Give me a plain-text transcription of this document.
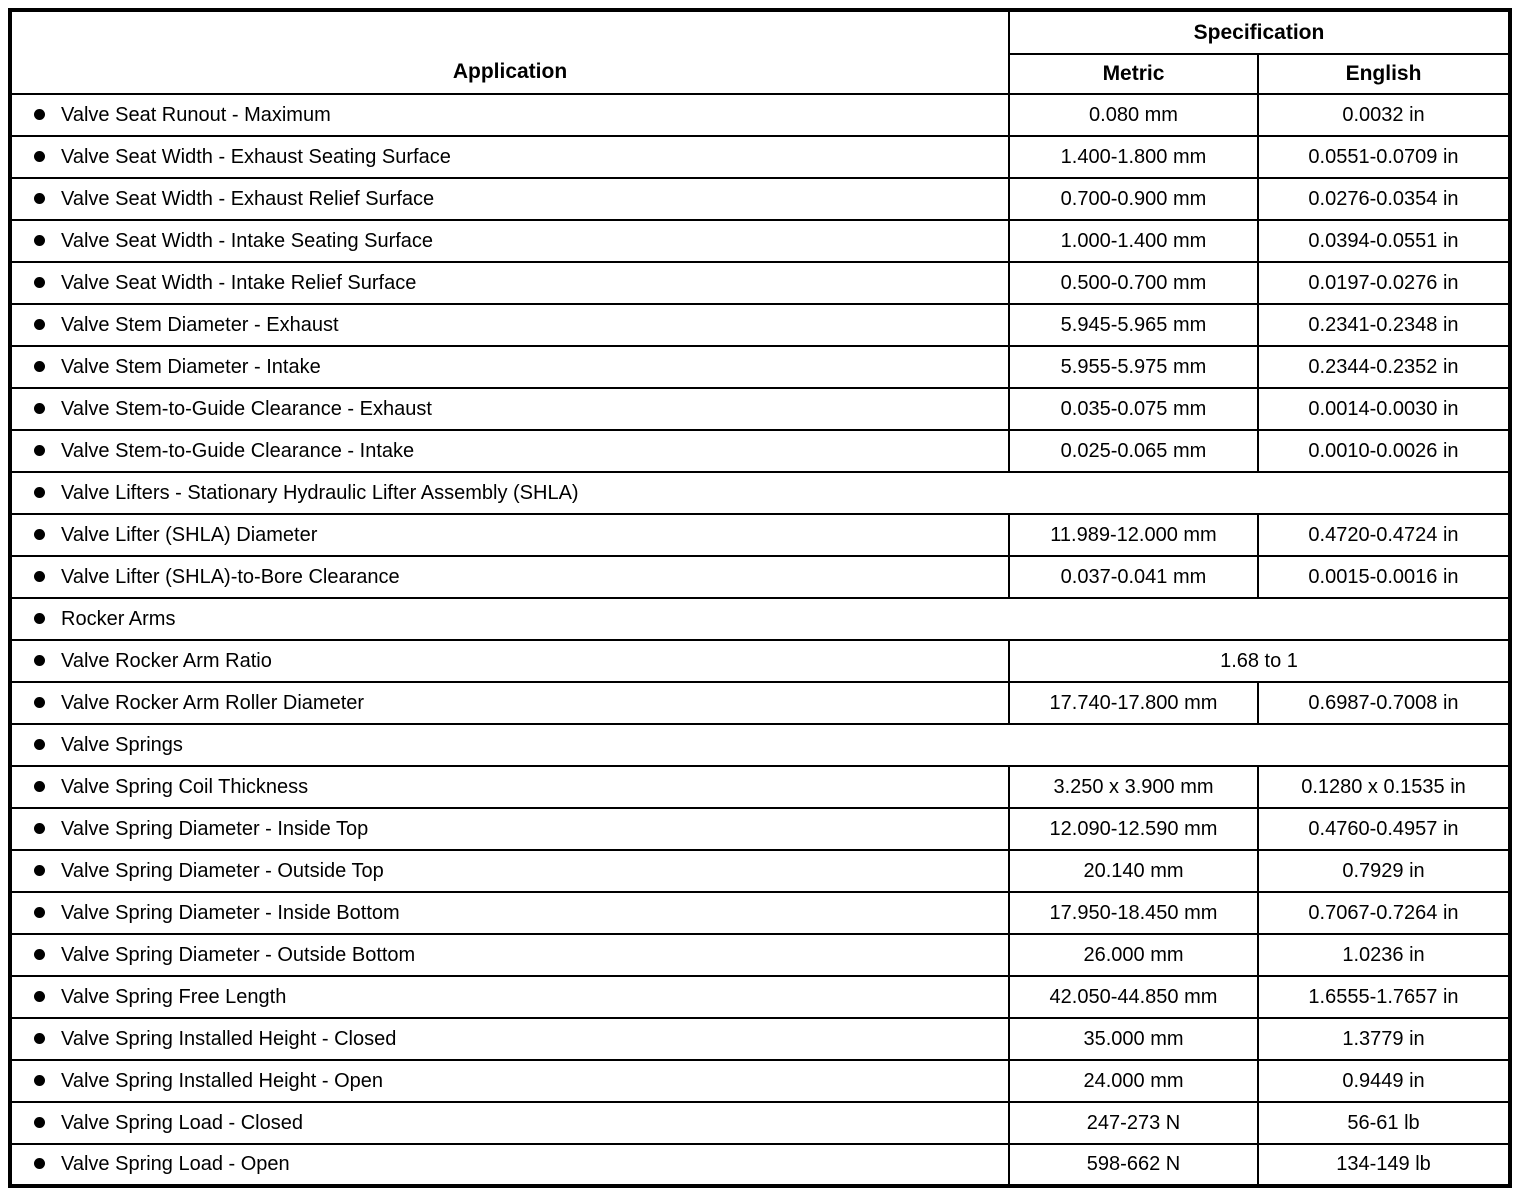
Application	Specification	
	Metric	English
Valve Seat Runout - Maximum	0.080 mm	0.0032 in
Valve Seat Width - Exhaust Seating Surface	1.400-1.800 mm	0.0551-0.0709 in
Valve Seat Width - Exhaust Relief Surface	0.700-0.900 mm	0.0276-0.0354 in
Valve Seat Width - Intake Seating Surface	1.000-1.400 mm	0.0394-0.0551 in
Valve Seat Width - Intake Relief Surface	0.500-0.700 mm	0.0197-0.0276 in
Valve Stem Diameter - Exhaust	5.945-5.965 mm	0.2341-0.2348 in
Valve Stem Diameter - Intake	5.955-5.975 mm	0.2344-0.2352 in
Valve Stem-to-Guide Clearance - Exhaust	0.035-0.075 mm	0.0014-0.0030 in
Valve Stem-to-Guide Clearance - Intake	0.025-0.065 mm	0.0010-0.0026 in
Valve Lifters - Stationary Hydraulic Lifter Assembly (SHLA)		
Valve Lifter (SHLA) Diameter	11.989-12.000 mm	0.4720-0.4724 in
Valve Lifter (SHLA)-to-Bore Clearance	0.037-0.041 mm	0.0015-0.0016 in
Rocker Arms		
Valve Rocker Arm Ratio	1.68 to 1	
Valve Rocker Arm Roller Diameter	17.740-17.800 mm	0.6987-0.7008 in
Valve Springs		
Valve Spring Coil Thickness	3.250 x 3.900 mm	0.1280 x 0.1535 in
Valve Spring Diameter - Inside Top	12.090-12.590 mm	0.4760-0.4957 in
Valve Spring Diameter - Outside Top	20.140 mm	0.7929 in
Valve Spring Diameter - Inside Bottom	17.950-18.450 mm	0.7067-0.7264 in
Valve Spring Diameter - Outside Bottom	26.000 mm	1.0236 in
Valve Spring Free Length	42.050-44.850 mm	1.6555-1.7657 in
Valve Spring Installed Height - Closed	35.000 mm	1.3779 in
Valve Spring Installed Height - Open	24.000 mm	0.9449 in
Valve Spring Load - Closed	247-273 N	56-61 lb
Valve Spring Load - Open	598-662 N	134-149 lb
